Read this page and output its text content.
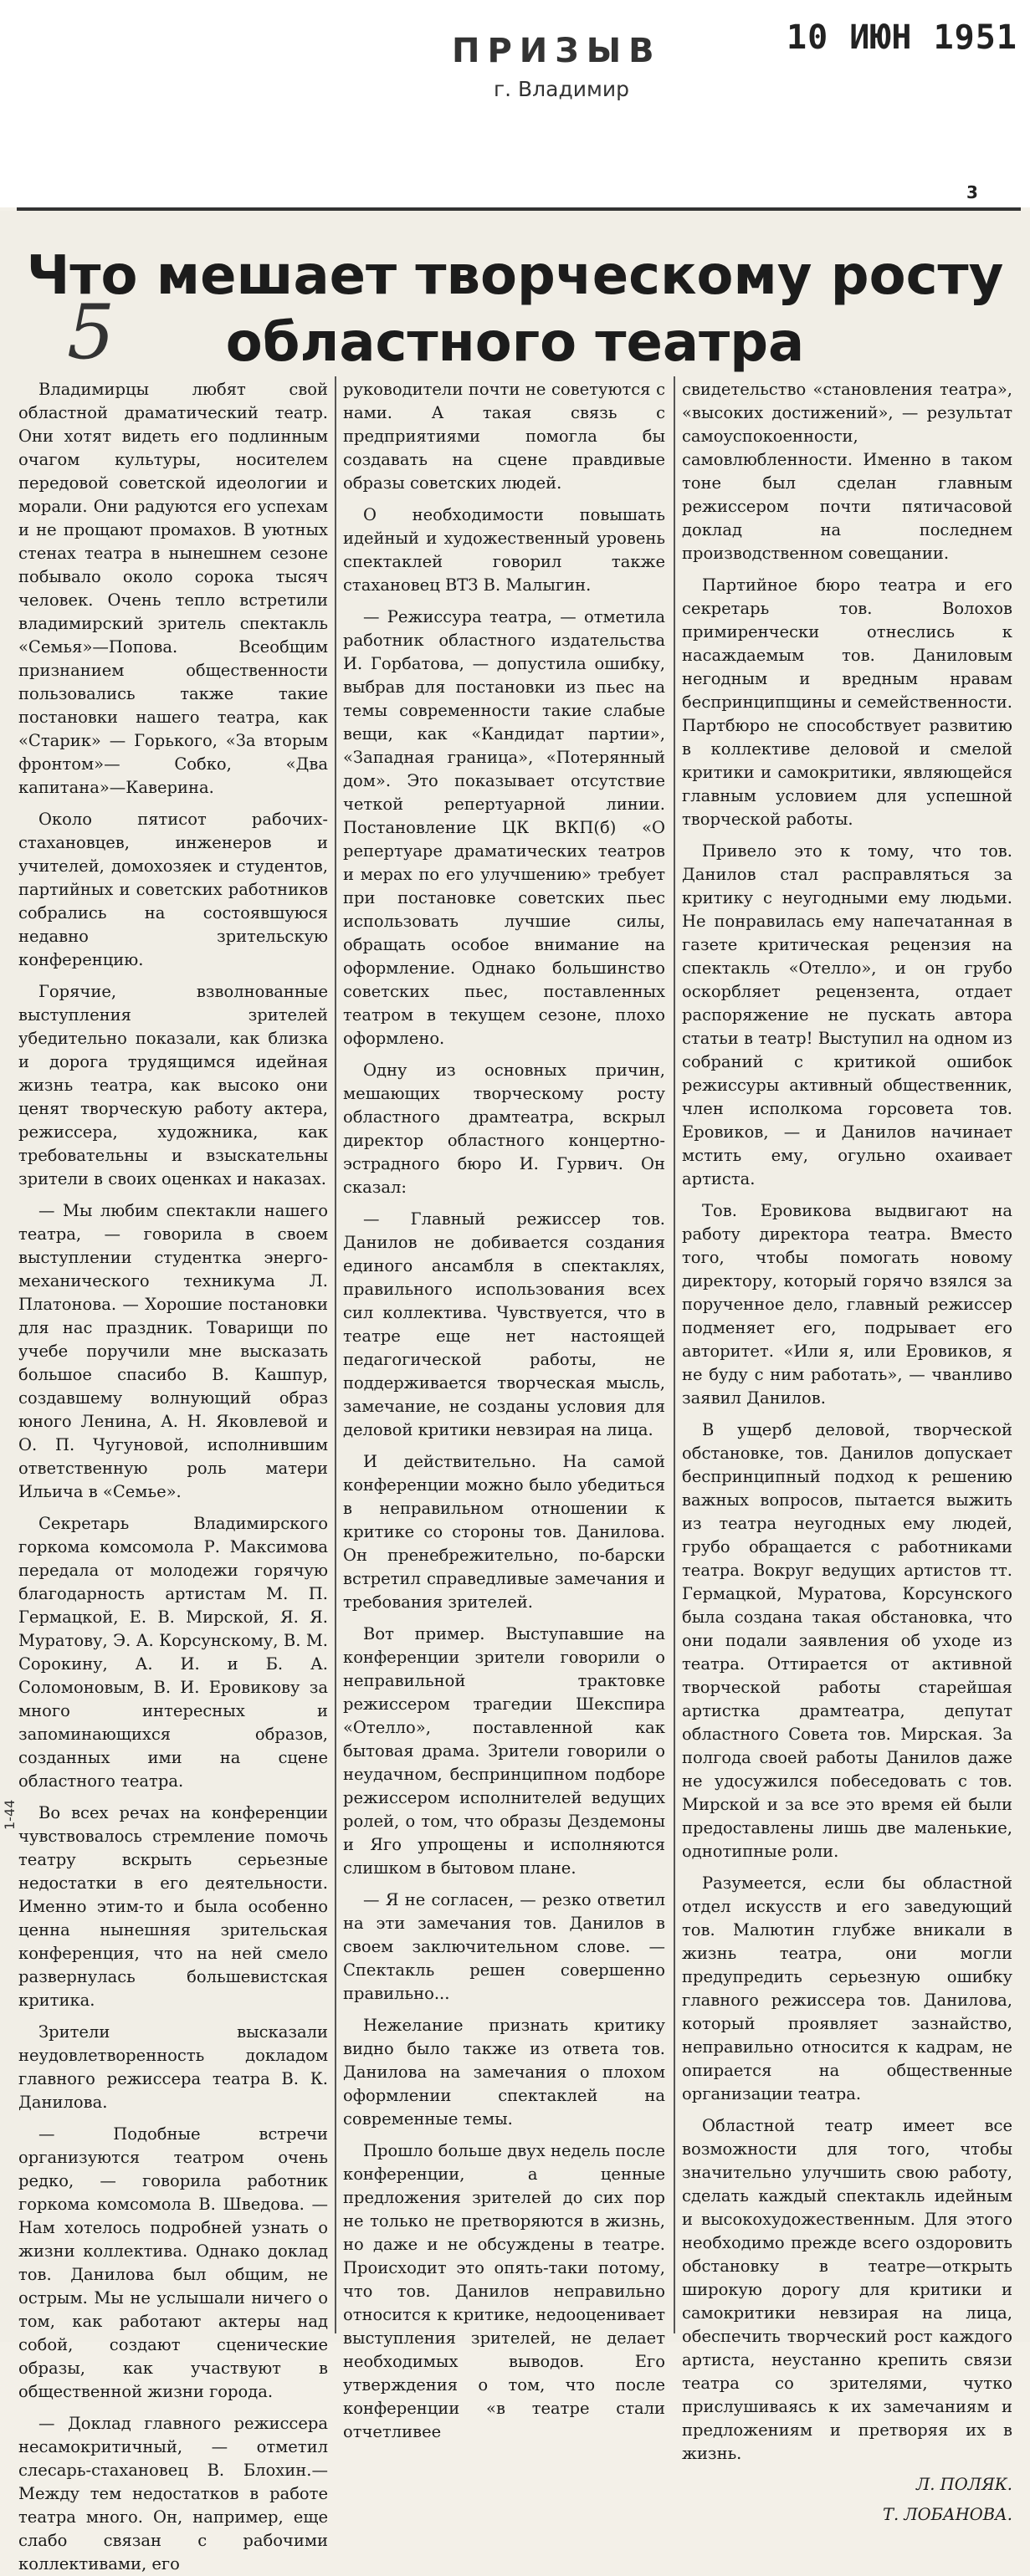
ПРИЗЫВ
г. Владимир
10 ИЮН 1951
3
Что мешает творческому росту
областного театра
5

Владимирцы любят свой областной драматический театр. Они хотят видеть его подлинным очагом культуры, носителем передовой советской идеологии и морали. Они радуются его успехам и не прощают промахов. В уютных стенах театра в нынешнем сезоне побывало около сорока тысяч человек. Очень тепло встретили владимирский зритель спектакль «Семья»—Попова. Всеобщим признанием общественности пользовались также такие постановки нашего театра, как «Старик» — Горького, «За вторым фронтом»— Собко, «Два капитана»—Каверина.

Около пятисот рабочих-стахановцев, инженеров и учителей, домохозяек и студентов, партийных и советских работников собрались на состоявшуюся недавно зрительскую конференцию.

Горячие, взволнованные выступления зрителей убедительно показали, как близка и дорога трудящимся идейная жизнь театра, как высоко они ценят творческую работу актера, режиссера, художника, как требовательны и взыскательны зрители в своих оценках и наказах.

— Мы любим спектакли нашего театра, — говорила в своем выступлении студентка энерго-механического техникума Л. Платонова. — Хорошие постановки для нас праздник. Товарищи по учебе поручили мне высказать большое спасибо В. Кашпур, создавшему волнующий образ юного Ленина, А. Н. Яковлевой и О. П. Чугуновой, исполнившим ответственную роль матери Ильича в «Семье».

Секретарь Владимирского горкома комсомола Р. Максимова передала от молодежи горячую благодарность артистам М. П. Гермацкой, Е. В. Мирской, Я. Я. Муратову, Э. А. Корсунскому, В. М. Сорокину, А. И. и Б. А. Соломоновым, В. И. Еровикову за много интересных и запоминающихся образов, созданных ими на сцене областного театра.

Во всех речах на конференции чувствовалось стремление помочь театру вскрыть серьезные недостатки в его деятельности. Именно этим-то и была особенно ценна нынешняя зрительская конференция, что на ней смело развернулась большевистская критика.

Зрители высказали неудовлетворенность докладом главного режиссера театра В. К. Данилова.

— Подобные встречи организуются театром очень редко, — говорила работник горкома комсомола В. Шведова. — Нам хотелось подробней узнать о жизни коллектива. Однако доклад тов. Данилова был общим, не острым. Мы не услышали ничего о том, как работают актеры над собой, создают сценические образы, как участвуют в общественной жизни города.

— Доклад главного режиссера несамокритичный, — отметил слесарь-стахановец В. Блохин.—Между тем недостатков в работе театра много. Он, например, еще слабо связан с рабочими коллективами, его

руководители почти не советуются с нами. А такая связь с предприятиями помогла бы создавать на сцене правдивые образы советских людей.

О необходимости повышать идейный и художественный уровень спектаклей говорил также стахановец ВТЗ В. Малыгин.

— Режиссура театра, — отметила работник областного издательства И. Горбатова, — допустила ошибку, выбрав для постановки из пьес на темы современности такие слабые вещи, как «Кандидат партии», «Западная граница», «Потерянный дом». Это показывает отсутствие четкой репертуарной линии. Постановление ЦК ВКП(б) «О репертуаре драматических театров и мерах по его улучшению» требует при постановке советских пьес использовать лучшие силы, обращать особое внимание на оформление. Однако большинство советских пьес, поставленных театром в текущем сезоне, плохо оформлено.

Одну из основных причин, мешающих творческому росту областного драмтеатра, вскрыл директор областного концертно-эстрадного бюро И. Гурвич. Он сказал:

— Главный режиссер тов. Данилов не добивается создания единого ансамбля в спектаклях, правильного использования всех сил коллектива. Чувствуется, что в театре еще нет настоящей педагогической работы, не поддерживается творческая мысль, замечание, не созданы условия для деловой критики невзирая на лица.

И действительно. На самой конференции можно было убедиться в неправильном отношении к критике со стороны тов. Данилова. Он пренебрежительно, по-барски встретил справедливые замечания и требования зрителей.

Вот пример. Выступавшие на конференции зрители говорили о неправильной трактовке режиссером трагедии Шекспира «Отелло», поставленной как бытовая драма. Зрители говорили о неудачном, беспринципном подборе режиссером исполнителей ведущих ролей, о том, что образы Дездемоны и Яго упрощены и исполняются слишком в бытовом плане.

— Я не согласен, — резко ответил на эти замечания тов. Данилов в своем заключительном слове. — Спектакль решен совершенно правильно...

Нежелание признать критику видно было также из ответа тов. Данилова на замечания о плохом оформлении спектаклей на современные темы.

Прошло больше двух недель после конференции, а ценные предложения зрителей до сих пор не только не претворяются в жизнь, но даже и не обсуждены в театре. Происходит это опять-таки потому, что тов. Данилов неправильно относится к критике, недооценивает выступления зрителей, не делает необходимых выводов. Его утверждения о том, что после конференции «в театре стали отчетливее

свидетельство «становления театра», «высоких достижений», — результат самоуспокоенности, самовлюбленности. Именно в таком тоне был сделан главным режиссером почти пятичасовой доклад на последнем производственном совещании.

Партийное бюро театра и его секретарь тов. Волохов примиренчески отнеслись к насаждаемым тов. Даниловым негодным и вредным нравам беспринципщины и семейственности. Партбюро не способствует развитию в коллективе деловой и смелой критики и самокритики, являющейся главным условием для успешной творческой работы.

Привело это к тому, что тов. Данилов стал расправляться за критику с неугодными ему людьми. Не понравилась ему напечатанная в газете критическая рецензия на спектакль «Отелло», и он грубо оскорбляет рецензента, отдает распоряжение не пускать автора статьи в театр! Выступил на одном из собраний с критикой ошибок режиссуры активный общественник, член исполкома горсовета тов. Еровиков, — и Данилов начинает мстить ему, огульно охаивает артиста.

Тов. Еровикова выдвигают на работу директора театра. Вместо того, чтобы помогать новому директору, который горячо взялся за порученное дело, главный режиссер подменяет его, подрывает его авторитет. «Или я, или Еровиков, я не буду с ним работать», — чванливо заявил Данилов.

В ущерб деловой, творческой обстановке, тов. Данилов допускает беспринципный подход к решению важных вопросов, пытается выжить из театра неугодных ему людей, грубо обращается с работниками театра. Вокруг ведущих артистов тт. Гермацкой, Муратова, Корсунского была создана такая обстановка, что они подали заявления об уходе из театра. Оттирается от активной творческой работы старейшая артистка драмтеатра, депутат областного Совета тов. Мирская. За полгода своей работы Данилов даже не удосужился побеседовать с тов. Мирской и за все это время ей были предоставлены лишь две маленькие, однотипные роли.

Разумеется, если бы областной отдел искусств и его заведующий тов. Малютин глубже вникали в жизнь театра, они могли предупредить серьезную ошибку главного режиссера тов. Данилова, который проявляет зазнайство, неправильно относится к кадрам, не опирается на общественные организации театра.

Областной театр имеет все возможности для того, чтобы значительно улучшить свою работу, сделать каждый спектакль идейным и высокохудожественным. Для этого необходимо прежде всего оздоровить обстановку в театре—открыть широкую дорогу для критики и самокритики невзирая на лица, обеспечить творческий рост каждого артиста, неустанно крепить связи театра со зрителями, чутко прислушиваясь к их замечаниям и предложениям и претворяя их в жизнь.

Л. ПОЛЯК.

Т. ЛОБАНОВА.

1-44
